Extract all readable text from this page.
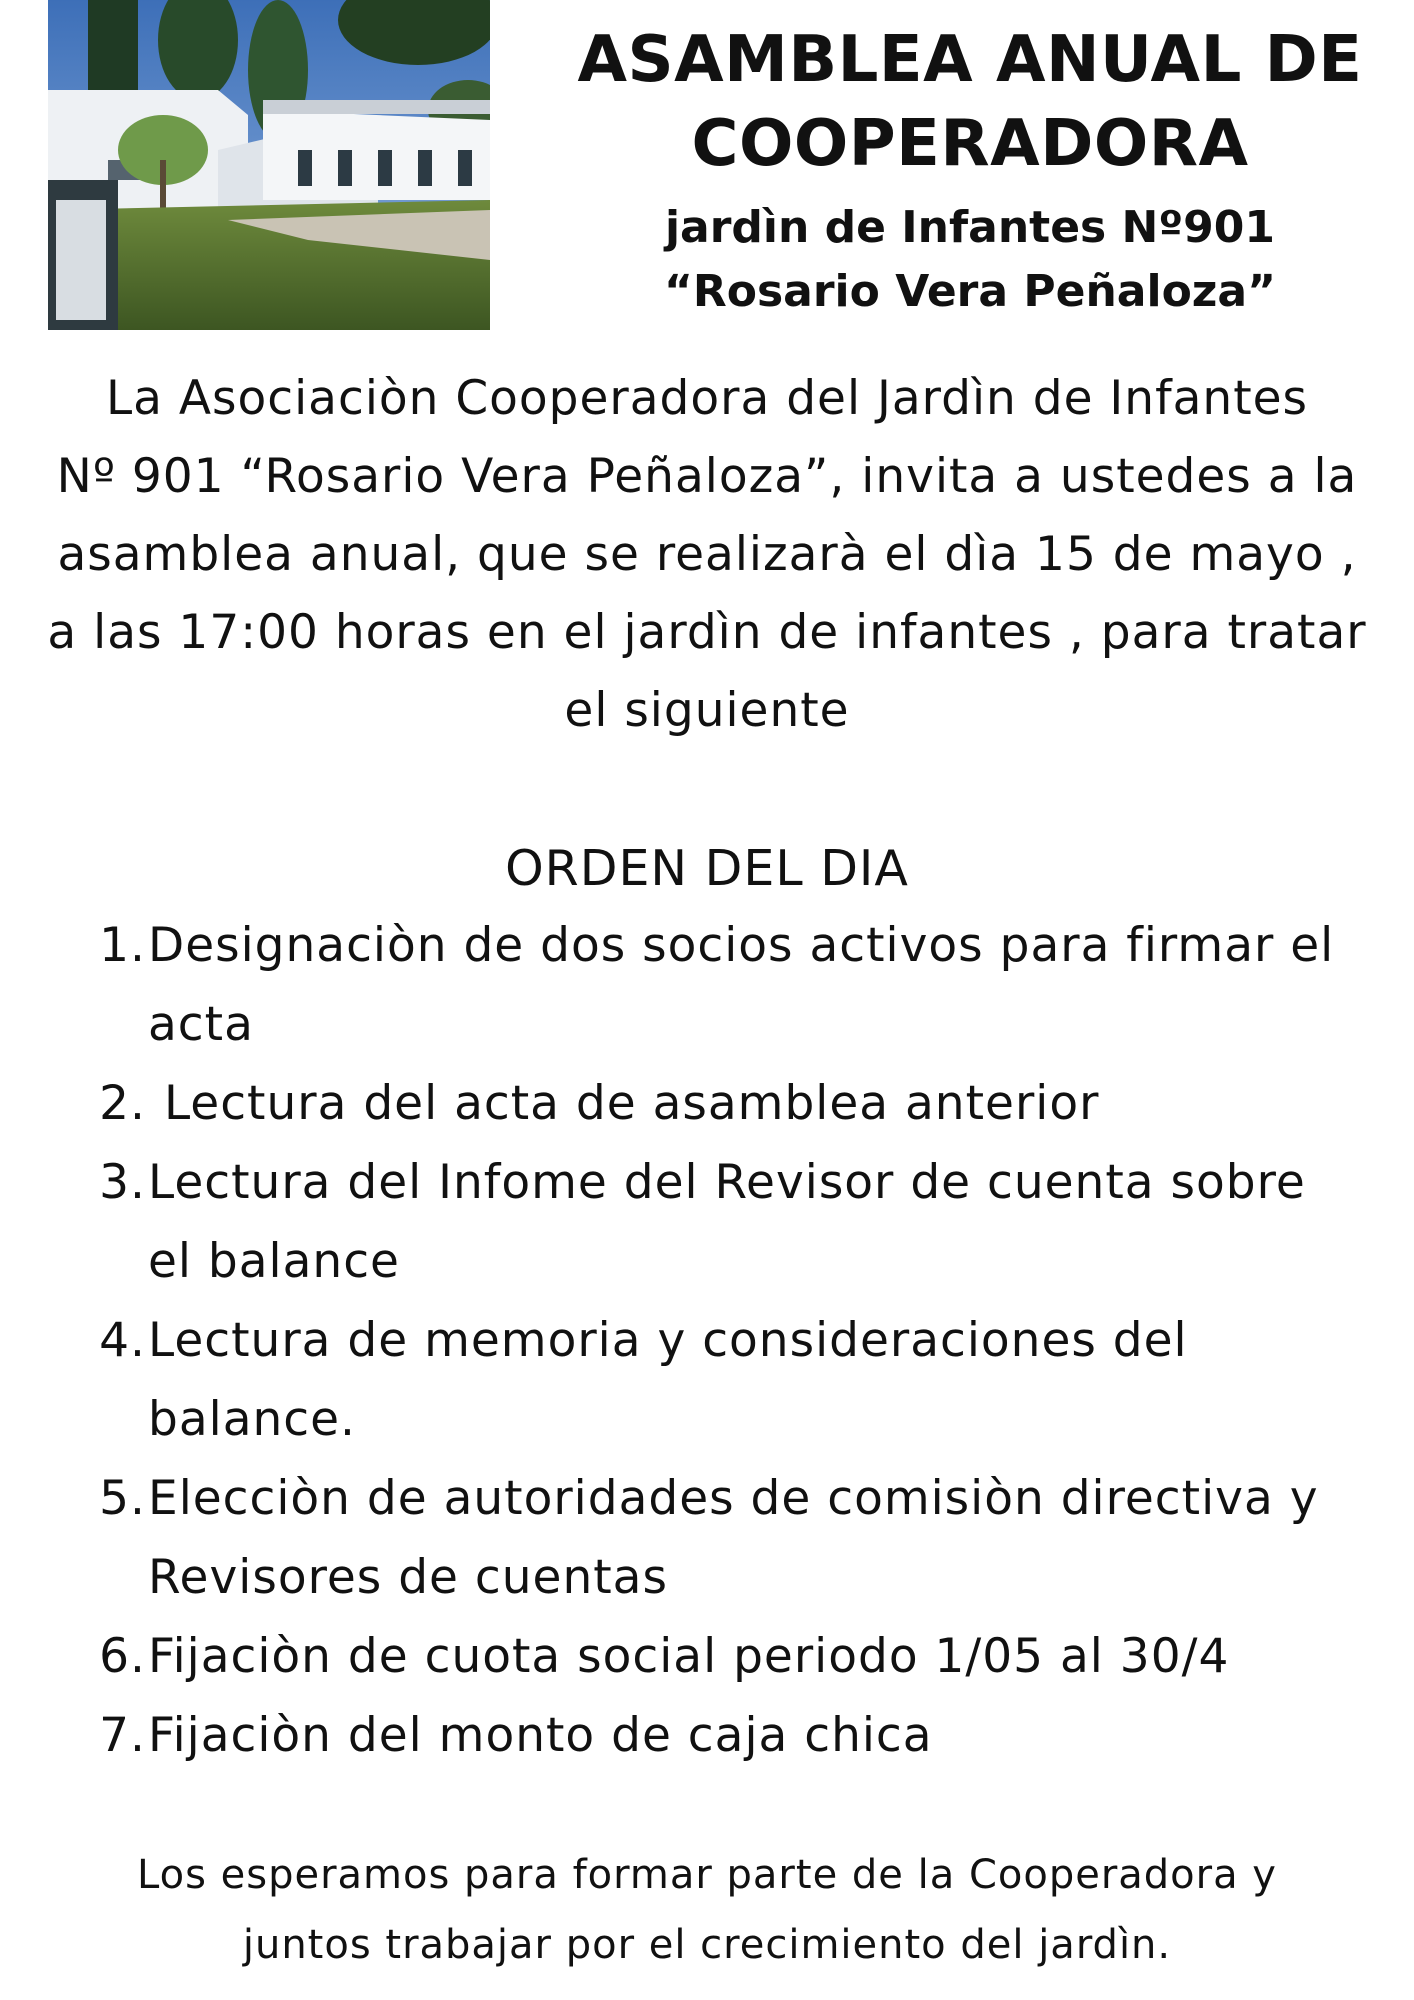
ASAMBLEA ANUAL DE
COOPERADORA
jardìn de Infantes Nº901
“Rosario Vera Peñaloza”
La Asociaciòn Cooperadora del Jardìn de Infantes
Nº 901 “Rosario Vera Peñaloza”, invita a ustedes a la
asamblea anual, que se realizarà el dìa 15 de mayo ,
a las 17:00 horas en el jardìn de infantes , para tratar
el siguiente
ORDEN DEL DIA
1. Designaciòn de dos socios activos para firmar el
acta
2. Lectura del acta de asamblea anterior
3. Lectura del Infome del Revisor de cuenta sobre
el balance
4. Lectura de memoria y consideraciones del
balance.
5. Elecciòn de autoridades de comisiòn directiva y
Revisores de cuentas
6. Fijaciòn de cuota social periodo 1/05 al 30/4
7. Fijaciòn del monto de caja chica
Los esperamos para formar parte de la Cooperadora y
juntos trabajar por el crecimiento del jardìn.
